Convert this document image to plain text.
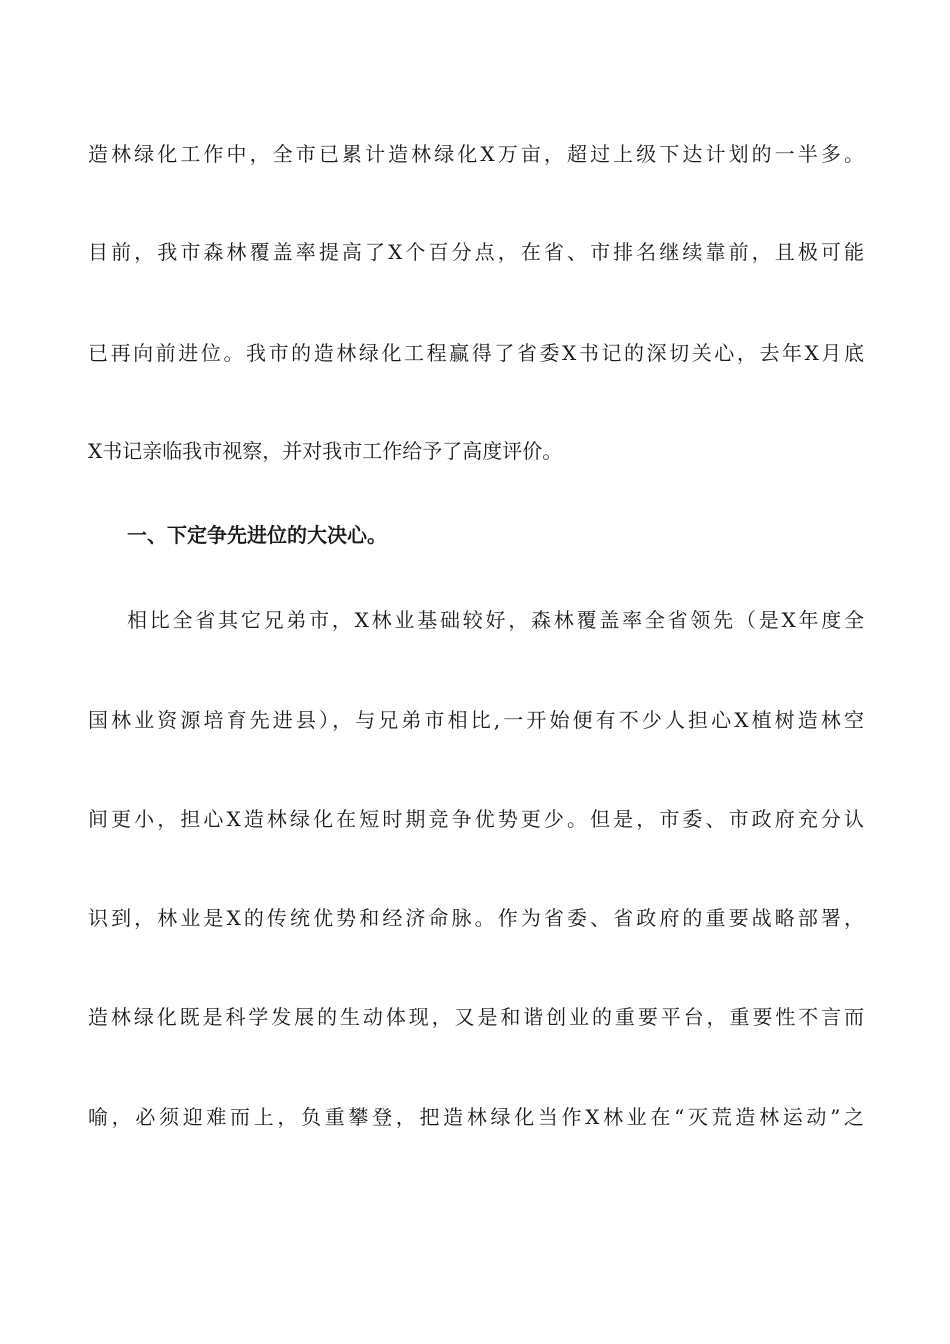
造林绿化工作中，全市已累计造林绿化X万亩，超过上级下达计划的一半多。
目前，我市森林覆盖率提高了X个百分点，在省、市排名继续靠前，且极可能
已再向前进位。我市的造林绿化工程赢得了省委X书记的深切关心，去年X月底
X书记亲临我市视察，并对我市工作给予了高度评价。
一、下定争先进位的大决心。
相比全省其它兄弟市，X林业基础较好，森林覆盖率全省领先（是X年度全
国林业资源培育先进县），与兄弟市相比,一开始便有不少人担心X植树造林空
间更小，担心X造林绿化在短时期竞争优势更少。但是，市委、市政府充分认
识到，林业是X的传统优势和经济命脉。作为省委、省政府的重要战略部署，
造林绿化既是科学发展的生动体现，又是和谐创业的重要平台，重要性不言而
喻，必须迎难而上，负重攀登，把造林绿化当作X林业在“灭荒造林运动”之
